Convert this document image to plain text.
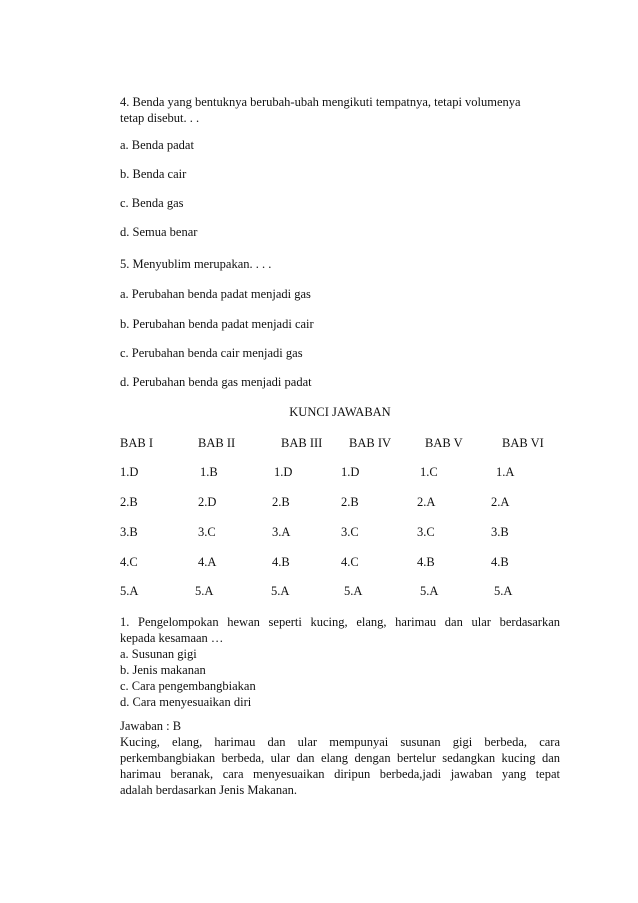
4. Benda yang bentuknya berubah-ubah mengikuti tempatnya, tetapi volumenya
tetap disebut. . .
a. Benda padat
b. Benda cair
c. Benda gas
d. Semua benar
5. Menyublim merupakan. . . .
a. Perubahan benda padat menjadi gas
b. Perubahan benda padat menjadi cair
c. Perubahan benda cair menjadi gas
d. Perubahan benda gas menjadi padat
KUNCI JAWABAN
BAB I	BAB II	BAB III BAB IV	BAB V	BAB VI
1.D	1.B	1.D	1.D	1.C	1.A
2.B	2.D	2.B	2.B	2.A	2.A
3.B	3.C	3.A	3.C	3.C	3.B
4.C	4.A	4.B	4.C	4.B	4.B
5.A	5.A	5.A	5.A	5.A	5.A
1. Pengelompokan hewan seperti kucing, elang, harimau dan ular berdasarkan
kepada kesamaan …
a. Susunan gigi
b. Jenis makanan
c. Cara pengembangbiakan
d. Cara menyesuaikan diri
Jawaban : B
Kucing, elang, harimau dan ular mempunyai susunan gigi berbeda, cara
perkembangbiakan berbeda, ular dan elang dengan bertelur sedangkan kucing dan
harimau beranak, cara menyesuaikan diripun berbeda,jadi jawaban yang tepat
adalah berdasarkan Jenis Makanan.
